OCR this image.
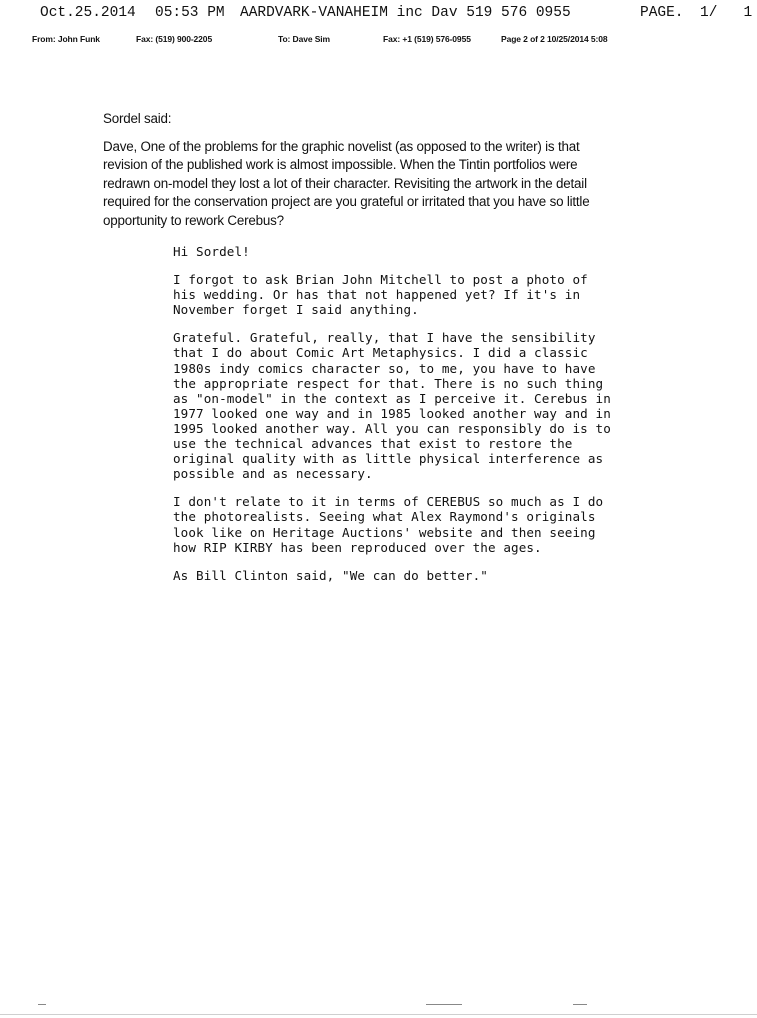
Oct.25.2014

05:53 PM

AARDVARK-VANAHEIM inc Dav 519 576 0955

	PAGE.

1/   1

From: John Funk	Fax: (519) 900-2205	To: Dave Sim	Fax: +1 (519) 576-0955	Page 2 of 2 10/25/2014 5:08

Sordel said:

Dave, One of the problems for the graphic novelist (as opposed to the writer) is that
revision of the published work is almost impossible. When the Tintin portfolios were
redrawn on-model they lost a lot of their character. Revisiting the artwork in the detail
required for the conservation project are you grateful or irritated that you have so little
opportunity to rework Cerebus?

Hi Sordel!

I forgot to ask Brian John Mitchell to post a photo of

his wedding. Or has that not happened yet? If it's in

November forget I said anything.

Grateful. Grateful, really, that I have the sensibility

that I do about Comic Art Metaphysics. I did a classic

1980s indy comics character so, to me, you have to have

the appropriate respect for that. There is no such thing

as "on-model" in the context as I perceive it. Cerebus in

1977 looked one way and in 1985 looked another way and in

1995 looked another way. All you can responsibly do is to

use the technical advances that exist to restore the

original quality with as little physical interference as

possible and as necessary.

I don't relate to it in terms of CEREBUS so much as I do

the photorealists. Seeing what Alex Raymond's originals

look like on Heritage Auctions' website and then seeing

how RIP KIRBY has been reproduced over the ages.

As Bill Clinton said, "We can do better."
